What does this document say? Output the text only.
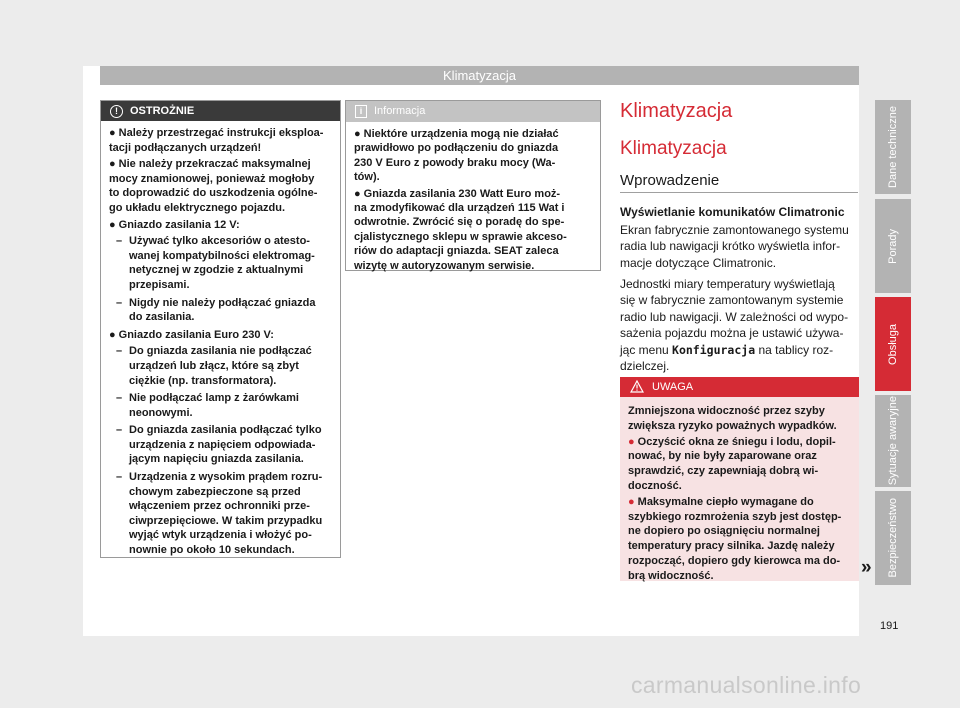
Klimatyzacja
!	OSTROŻNIE
● Należy przestrzegać instrukcji eksploa-
tacji podłączanych urządzeń!
● Nie należy przekraczać maksymalnej
mocy znamionowej, ponieważ mogłoby
to doprowadzić do uszkodzenia ogólne-
go układu elektrycznego pojazdu.
● Gniazdo zasilania 12 V:
– Używać tylko akcesoriów o atesto-
wanej kompatybilności elektromag-
netycznej w zgodzie z aktualnymi
przepisami.
– Nigdy nie należy podłączać gniazda
do zasilania.
● Gniazdo zasilania Euro 230 V:
– Do gniazda zasilania nie podłączać
urządzeń lub złącz, które są zbyt
ciężkie (np. transformatora).
– Nie podłączać lamp z żarówkami
neonowymi.
– Do gniazda zasilania podłączać tylko
urządzenia z napięciem odpowiada-
jącym napięciu gniazda zasilania.
– Urządzenia z wysokim prądem rozru-
chowym zabezpieczone są przed
włączeniem przez ochronniki prze-
ciwprzepięciowe. W takim przypadku
wyjąć wtyk urządzenia i włożyć po-
nownie po około 10 sekundach.
i	Informacja
● Niektóre urządzenia mogą nie działać
prawidłowo po podłączeniu do gniazda
230 V Euro z powody braku mocy (Wa-
tów).
● Gniazda zasilania 230 Watt Euro moż-
na zmodyfikować dla urządzeń 115 Wat i
odwrotnie. Zwrócić się o poradę do spe-
cjalistycznego sklepu w sprawie akceso-
riów do adaptacji gniazda. SEAT zaleca
wizytę w autoryzowanym serwisie.
Klimatyzacja
Klimatyzacja
Wprowadzenie
Wyświetlanie komunikatów Climatronic
Ekran fabrycznie zamontowanego systemu
radia lub nawigacji krótko wyświetla infor-
macje dotyczące Climatronic.
Jednostki miary temperatury wyświetlają
się w fabrycznie zamontowanym systemie
radio lub nawigacji. W zależności od wypo-
sażenia pojazdu można je ustawić używa-
jąc menu Konfiguracja na tablicy roz-
dzielczej.
UWAGA

Zmniejszona widoczność przez szyby
zwiększa ryzyko poważnych wypadków.

● Oczyścić okna ze śniegu i lodu, dopil-
nować, by nie były zaparowane oraz
sprawdzić, czy zapewniają dobrą wi-
doczność.

● Maksymalne ciepło wymagane do
szybkiego rozmrożenia szyb jest dostęp-
ne dopiero po osiągnięciu normalnej
temperatury pracy silnika. Jazdę należy
rozpocząć, dopiero gdy kierowca ma do-
brą widoczność.	»
Dane techniczne
Porady
Obsługa
Sytuacje awaryjne
Bezpieczeństwo
191
carmanualsonline.info
